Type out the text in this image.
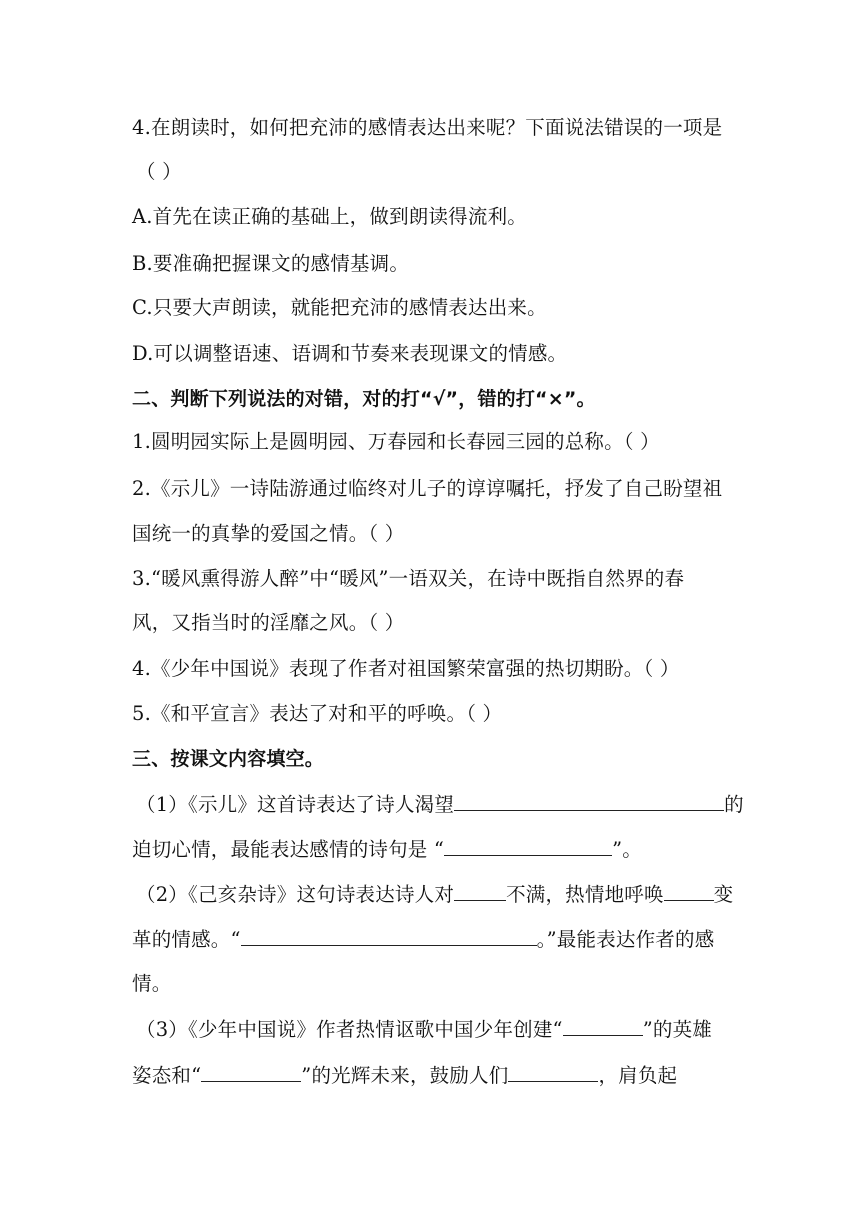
4.在朗读时，如何把充沛的感情表达出来呢？下面说法错误的一项是
（ ）
A.首先在读正确的基础上，做到朗读得流利。
B.要准确把握课文的感情基调。
C.只要大声朗读，就能把充沛的感情表达出来。
D.可以调整语速、语调和节奏来表现课文的情感。
二、判断下列说法的对错，对的打“√”，错的打“×”。
1.圆明园实际上是圆明园、万春园和长春园三园的总称。（ ）
2.《示儿》一诗陆游通过临终对儿子的谆谆嘱托，抒发了自己盼望祖
国统一的真挚的爱国之情。（ ）
3.“暖风熏得游人醉”中“暖风”一语双关，在诗中既指自然界的春
风，又指当时的淫靡之风。（ ）
4.《少年中国说》表现了作者对祖国繁荣富强的热切期盼。（ ）
5.《和平宣言》表达了对和平的呼唤。（ ）
三、按课文内容填空。
（1）《示儿》这首诗表达了诗人渴望	的
迫切心情，最能表达感情的诗句是 “	”。
（2）《己亥杂诗》这句诗表达诗人对	不满，热情地呼唤	变
革的情感。“	。”最能表达作者的感
情。
（3）《少年中国说》作者热情讴歌中国少年创建“	”的英雄
姿态和“	”的光辉未来，鼓励人们	，肩负起
